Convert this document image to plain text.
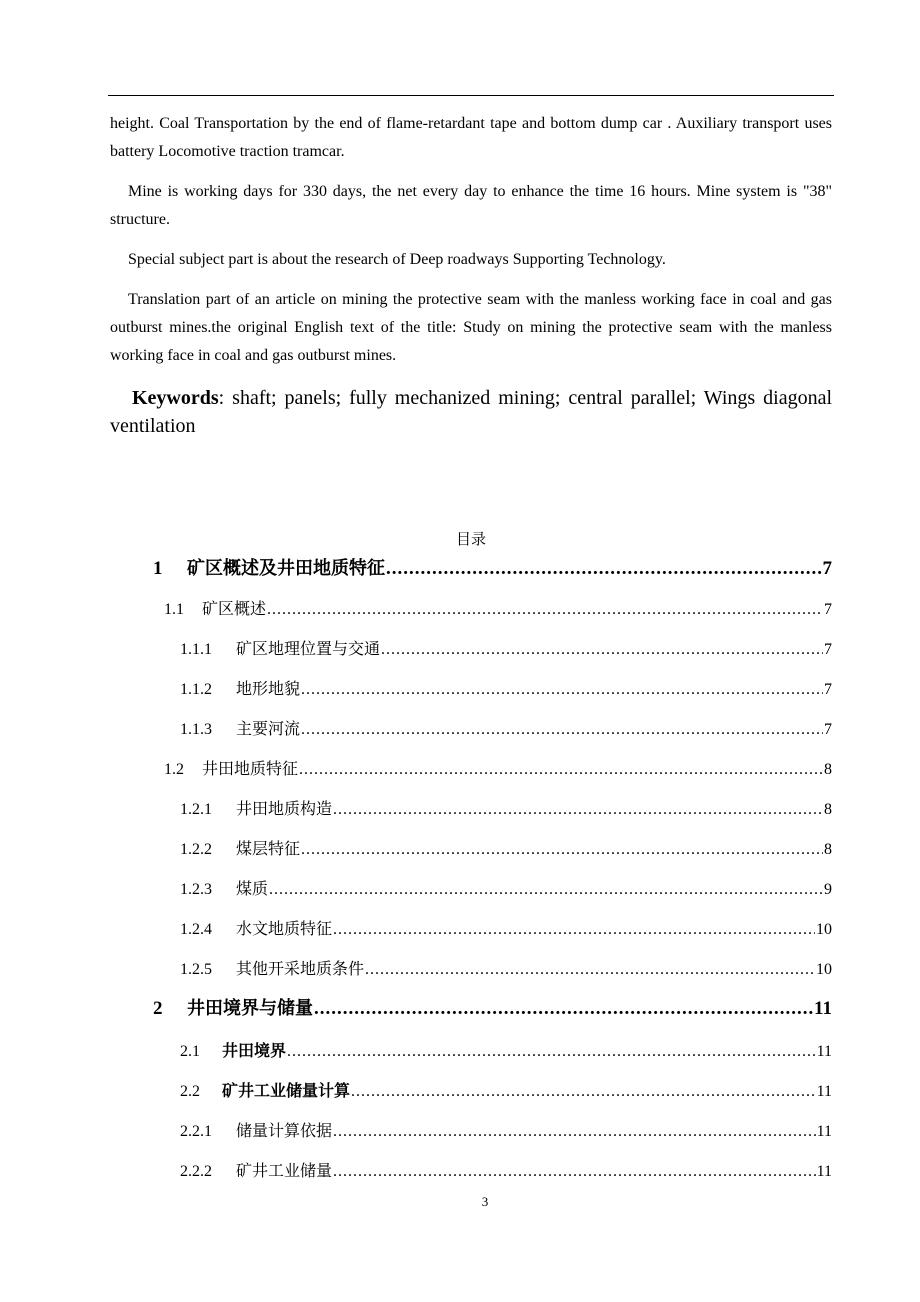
height. Coal Transportation by the end of flame-retardant tape and bottom dump car . Auxiliary transport uses battery Locomotive traction tramcar.

Mine is working days for 330 days, the net every day to enhance the time 16 hours. Mine system is "38" structure.

Special subject part is about the research of Deep roadways Supporting Technology.

Translation part of an article on mining the protective seam with the manless working face in coal and gas outburst mines.the original English text of the title: Study on mining the protective seam with the manless working face in coal and gas outburst mines.

Keywords: shaft; panels; fully mechanized mining; central parallel; Wings diagonal ventilation

目录
1	矿区概述及井田地质特征 .....	7
1.1	矿区概述 .....	7
1.1.1	矿区地理位置与交通 .....	7
1.1.2	地形地貌 .....	7
1.1.3	主要河流 .....	7
1.2	井田地质特征 .....	8
1.2.1	井田地质构造 .....	8
1.2.2	煤层特征 .....	8
1.2.3	煤质 .....	9
1.2.4	水文地质特征 .....	10
1.2.5	其他开采地质条件 .....	10
2	井田境界与储量 .....	11
2.1	井田境界 .....	11
2.2	矿井工业储量计算 .....	11
2.2.1	储量计算依据 .....	11
2.2.2	矿井工业储量 .....	11
3
